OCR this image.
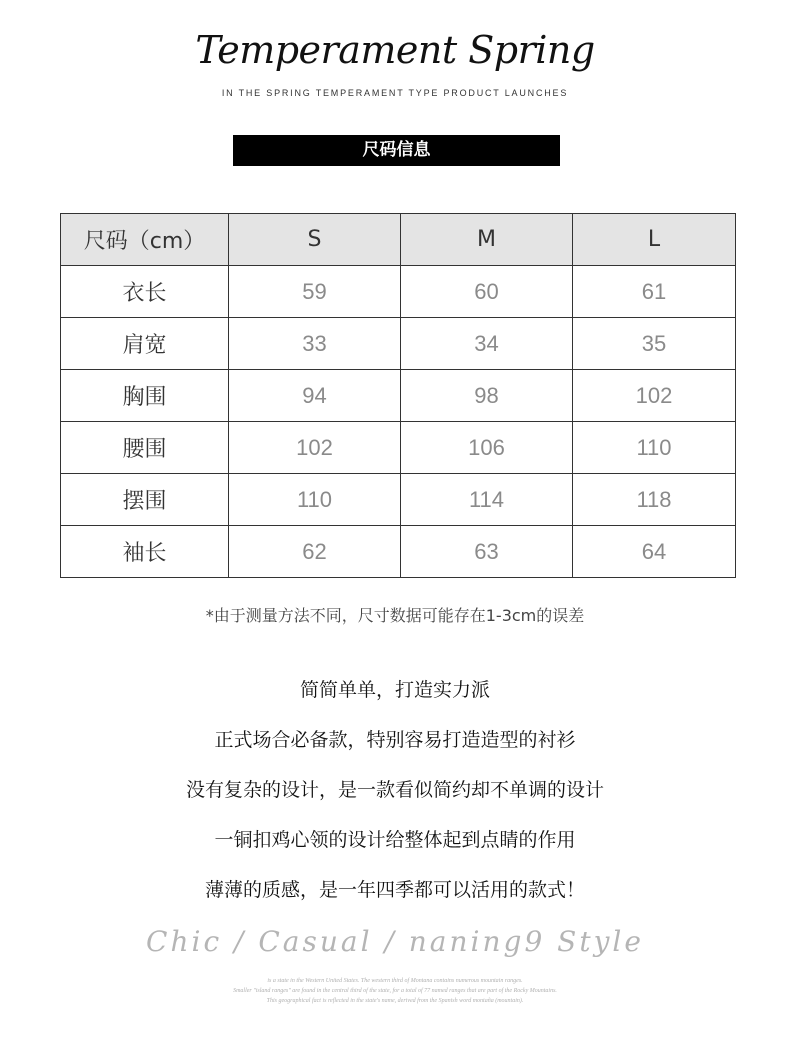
Temperament Spring
IN THE SPRING TEMPERAMENT TYPE PRODUCT LAUNCHES
尺码信息
尺码（cm）	S	M	L
衣长	59	60	61
肩宽	33	34	35
胸围	94	98	102
腰围	102	106	110
摆围	110	114	118
袖长	62	63	64
*由于测量方法不同，尺寸数据可能存在1-3cm的误差
简简单单，打造实力派
正式场合必备款，特别容易打造造型的衬衫
没有复杂的设计，是一款看似简约却不单调的设计
一铜扣鸡心领的设计给整体起到点睛的作用
薄薄的质感，是一年四季都可以活用的款式！
Chic / Casual / naning9 Style
is a state in the Western United States. The western third of Montana contains numerous mountain ranges.
Smaller "island ranges" are found in the central third of the state, for a total of 77 named ranges that are part of the Rocky Mountains.
This geographical fact is reflected in the state's name, derived from the Spanish word montaña (mountain).
